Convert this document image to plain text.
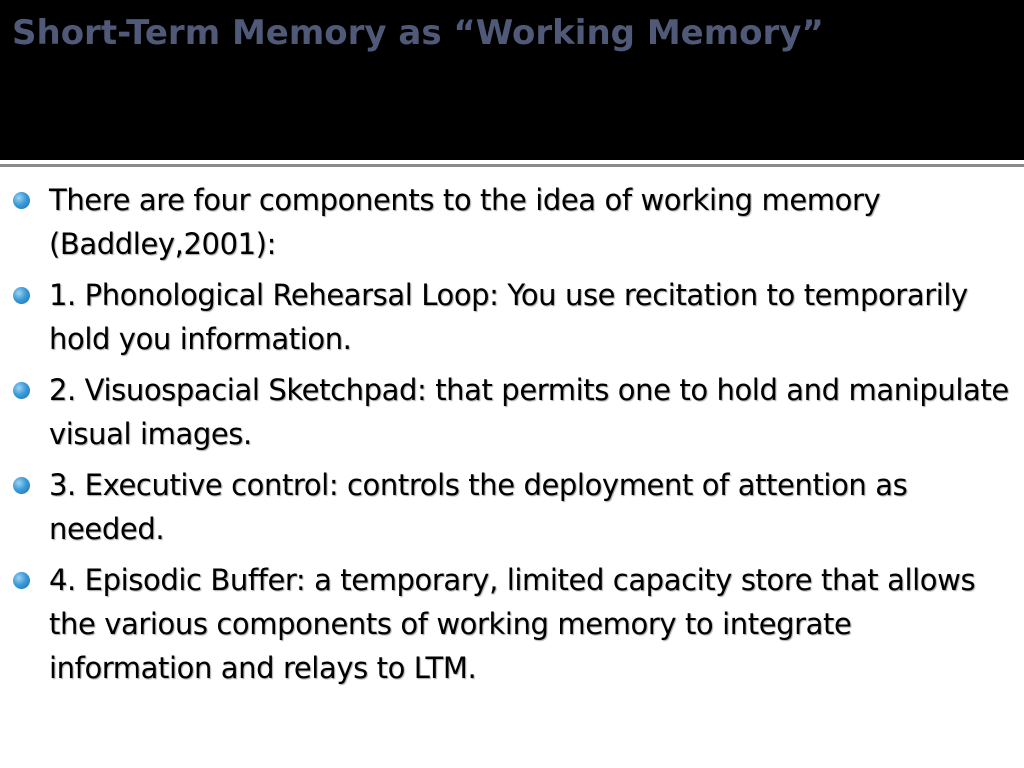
Short-Term Memory as “Working Memory”
There are four components to the idea of working memory (Baddley,2001):
1. Phonological Rehearsal Loop: You use recitation to temporarily hold you information.
2. Visuospacial Sketchpad: that permits one to hold and manipulate visual images.
3. Executive control: controls the deployment of attention as needed.
4. Episodic Buffer: a temporary, limited capacity store that allows the various components of working memory to integrate information and relays to LTM.
